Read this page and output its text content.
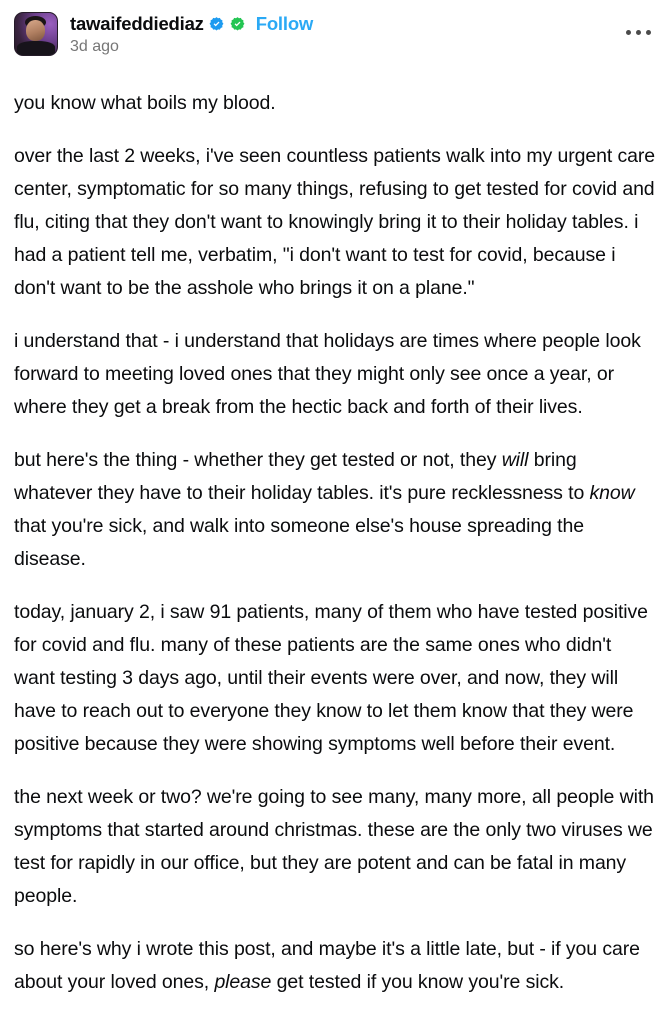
tawaifeddiediaz	Follow
3d ago
you know what boils my blood.
over the last 2 weeks, i've seen countless patients walk into my urgent care center, symptomatic for so many things, refusing to get tested for covid and flu, citing that they don't want to knowingly bring it to their holiday tables. i had a patient tell me, verbatim, "i don't want to test for covid, because i don't want to be the asshole who brings it on a plane."
i understand that - i understand that holidays are times where people look forward to meeting loved ones that they might only see once a year, or where they get a break from the hectic back and forth of their lives.
but here's the thing - whether they get tested or not, they will bring whatever they have to their holiday tables. it's pure recklessness to know that you're sick, and walk into someone else's house spreading the disease.
today, january 2, i saw 91 patients, many of them who have tested positive for covid and flu. many of these patients are the same ones who didn't want testing 3 days ago, until their events were over, and now, they will have to reach out to everyone they know to let them know that they were positive because they were showing symptoms well before their event.
the next week or two? we're going to see many, many more, all people with symptoms that started around christmas. these are the only two viruses we test for rapidly in our office, but they are potent and can be fatal in many people.
so here's why i wrote this post, and maybe it's a little late, but - if you care about your loved ones, please get tested if you know you're sick.
